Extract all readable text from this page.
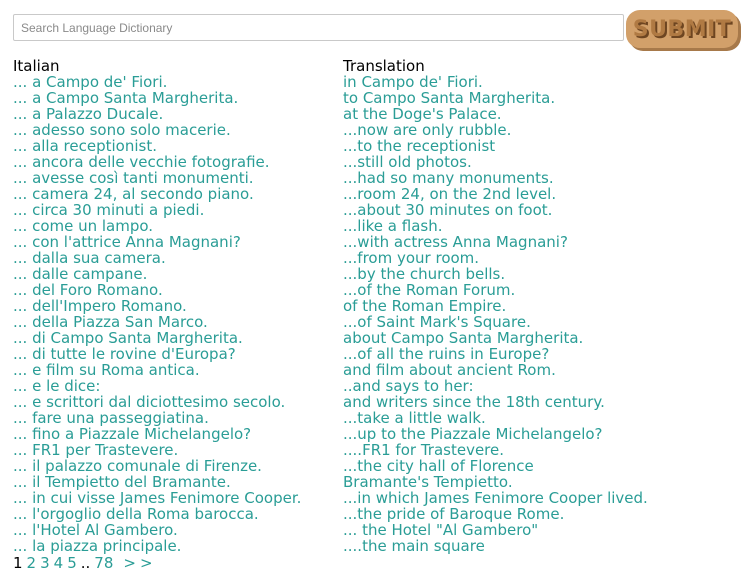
Search Language Dictionary
SUBMIT
Italian	Translation
... a Campo de' Fiori.	in Campo de' Fiori.
... a Campo Santa Margherita.	to Campo Santa Margherita.
... a Palazzo Ducale.	at the Doge's Palace.
... adesso sono solo macerie.	...now are only rubble.
... alla receptionist.	...to the receptionist
... ancora delle vecchie fotografie.	...still old photos.
... avesse così tanti monumenti.	...had so many monuments.
... camera 24, al secondo piano.	...room 24, on the 2nd level.
... circa 30 minuti a piedi.	...about 30 minutes on foot.
... come un lampo.	...like a flash.
... con l'attrice Anna Magnani?	...with actress Anna Magnani?
... dalla sua camera.	...from your room.
... dalle campane.	...by the church bells.
... del Foro Romano.	...of the Roman Forum.
... dell'Impero Romano.	of the Roman Empire.
... della Piazza San Marco.	...of Saint Mark's Square.
... di Campo Santa Margherita.	about Campo Santa Margherita.
... di tutte le rovine d'Europa?	...of all the ruins in Europe?
... e film su Roma antica.	and film about ancient Rom.
... e le dice:	..and says to her:
... e scrittori dal diciottesimo secolo.	and writers since the 18th century.
... fare una passeggiatina.	...take a little walk.
... fino a Piazzale Michelangelo?	...up to the Piazzale Michelangelo?
... FR1 per Trastevere.	....FR1 for Trastevere.
... il palazzo comunale di Firenze.	...the city hall of Florence
... il Tempietto del Bramante.	Bramante's Tempietto.
... in cui visse James Fenimore Cooper.	...in which James Fenimore Cooper lived.
... l'orgoglio della Roma barocca.	...the pride of Baroque Rome.
... l'Hotel Al Gambero.	... the Hotel "Al Gambero"
... la piazza principale.	....the main square
1 2 3 4 5 .. 78 > >
